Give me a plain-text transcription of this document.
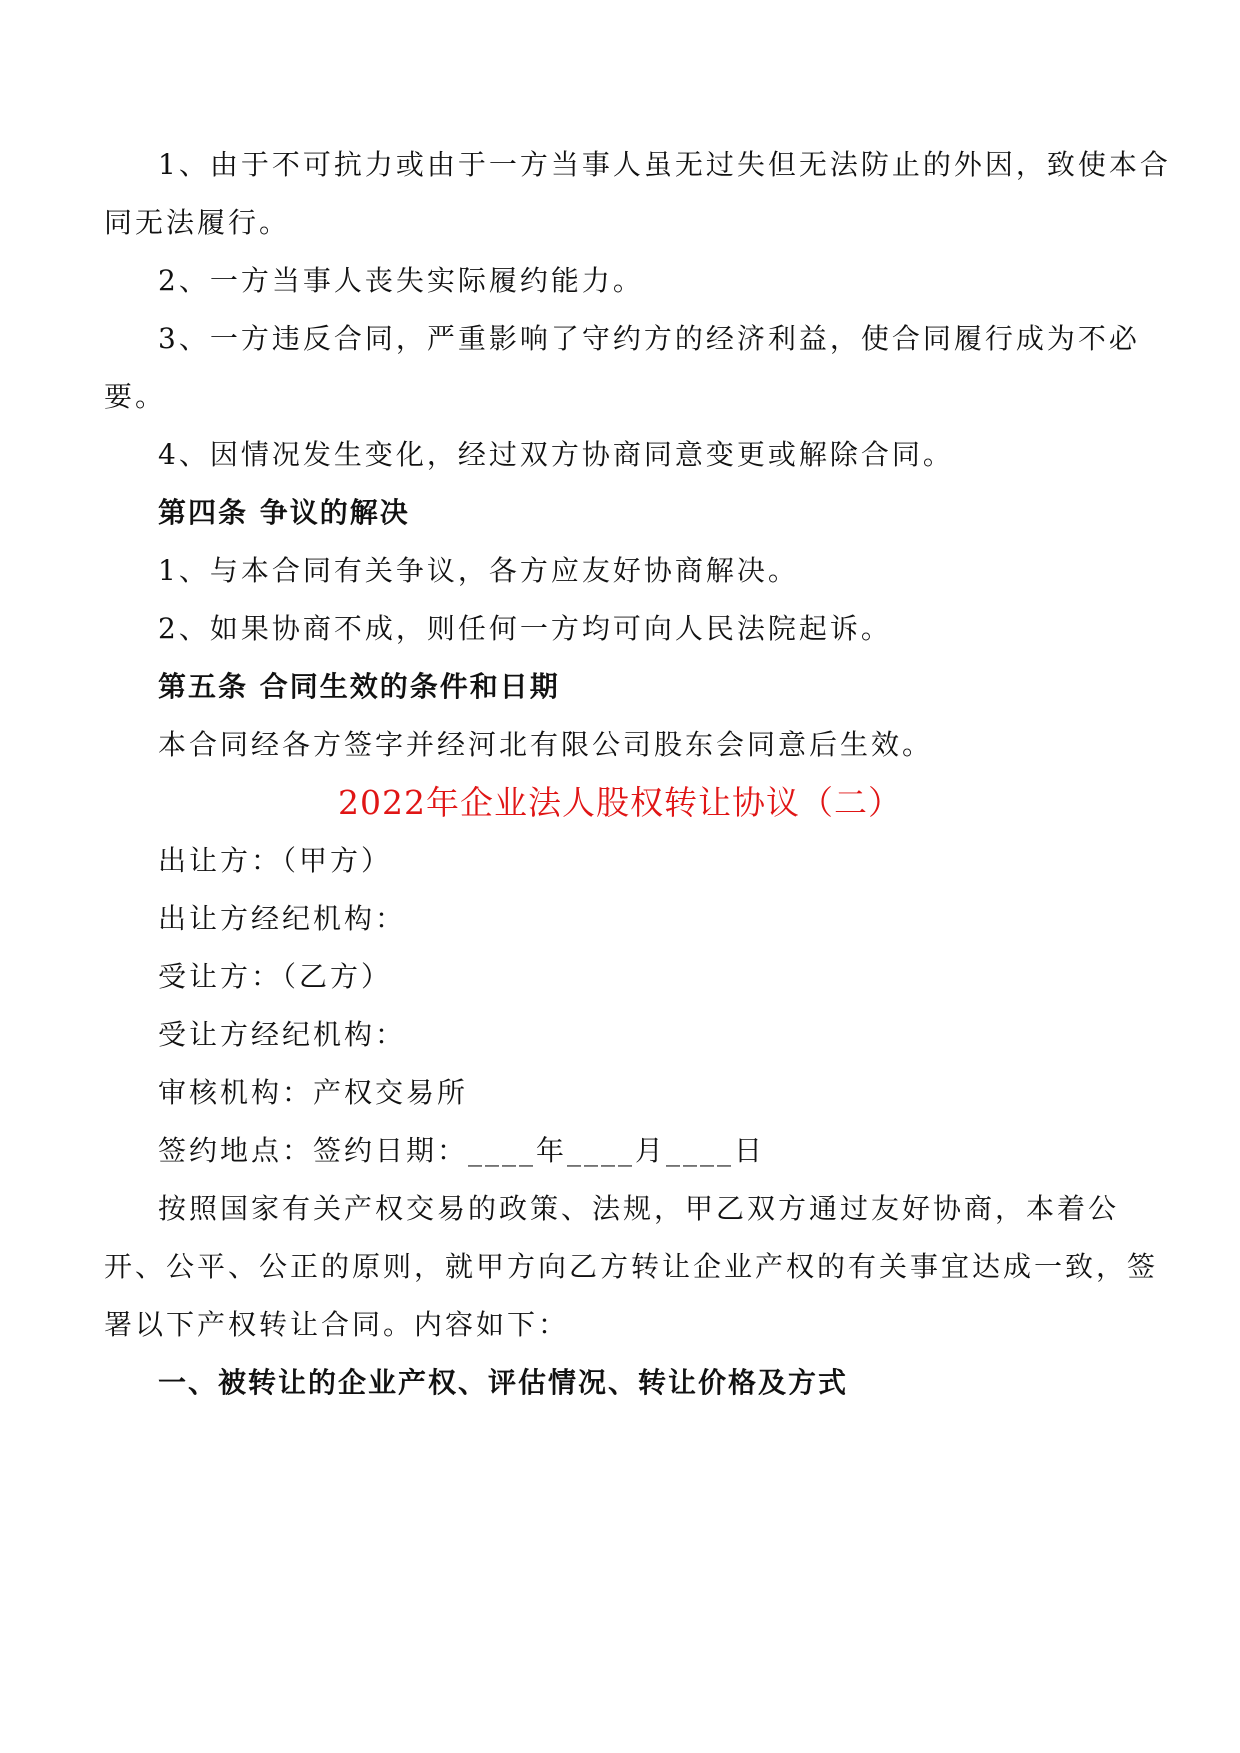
1、由于不可抗力或由于一方当事人虽无过失但无法防止的外因，致使本合
同无法履行。
2、一方当事人丧失实际履约能力。
3、一方违反合同，严重影响了守约方的经济利益，使合同履行成为不必
要。
4、因情况发生变化，经过双方协商同意变更或解除合同。
第四条 争议的解决
1、与本合同有关争议，各方应友好协商解决。
2、如果协商不成，则任何一方均可向人民法院起诉。
第五条 合同生效的条件和日期
本合同经各方签字并经河北有限公司股东会同意后生效。
2022年企业法人股权转让协议（二）
出让方：（甲方）
出让方经纪机构：
受让方：（乙方）
受让方经纪机构：
审核机构：产权交易所
签约地点：签约日期：____年____月____日
按照国家有关产权交易的政策、法规，甲乙双方通过友好协商，本着公
开、公平、公正的原则，就甲方向乙方转让企业产权的有关事宜达成一致，签
署以下产权转让合同。内容如下：
一、被转让的企业产权、评估情况、转让价格及方式
